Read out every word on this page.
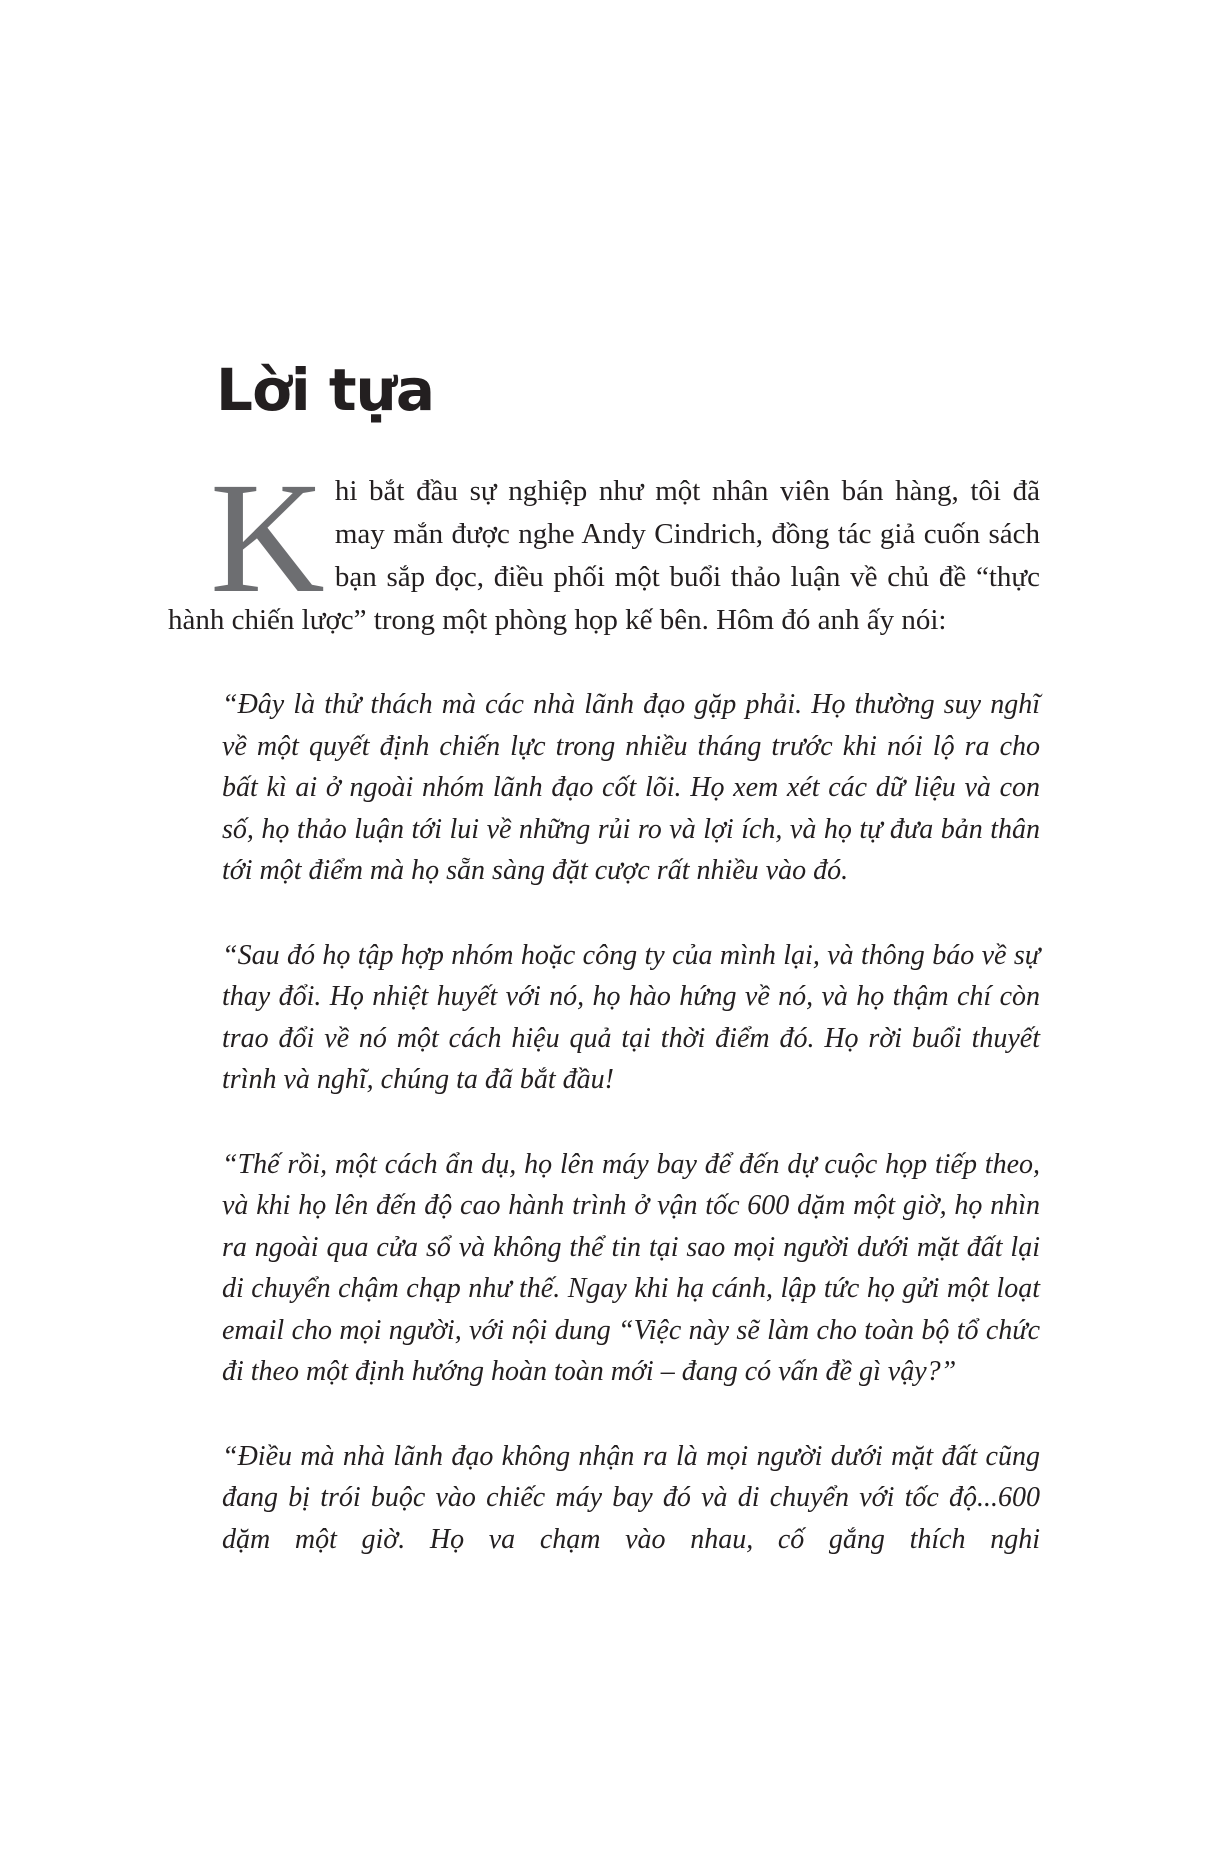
Lời tựa

Khi bắt đầu sự nghiệp như một nhân viên bán hàng, tôi đã may mắn được nghe Andy Cindrich, đồng tác giả cuốn sách bạn sắp đọc, điều phối một buổi thảo luận về chủ đề “thực hành chiến lược” trong một phòng họp kế bên. Hôm đó anh ấy nói:

“Đây là thử thách mà các nhà lãnh đạo gặp phải. Họ thường suy nghĩ về một quyết định chiến lực trong nhiều tháng trước khi nói lộ ra cho bất kì ai ở ngoài nhóm lãnh đạo cốt lõi. Họ xem xét các dữ liệu và con số, họ thảo luận tới lui về những rủi ro và lợi ích, và họ tự đưa bản thân tới một điểm mà họ sẵn sàng đặt cược rất nhiều vào đó.

“Sau đó họ tập hợp nhóm hoặc công ty của mình lại, và thông báo về sự thay đổi. Họ nhiệt huyết với nó, họ hào hứng về nó, và họ thậm chí còn trao đổi về nó một cách hiệu quả tại thời điểm đó. Họ rời buổi thuyết trình và nghĩ, chúng ta đã bắt đầu!

“Thế rồi, một cách ẩn dụ, họ lên máy bay để đến dự cuộc họp tiếp theo, và khi họ lên đến độ cao hành trình ở vận tốc 600 dặm một giờ, họ nhìn ra ngoài qua cửa sổ và không thể tin tại sao mọi người dưới mặt đất lại di chuyển chậm chạp như thế. Ngay khi hạ cánh, lập tức họ gửi một loạt email cho mọi người, với nội dung “Việc này sẽ làm cho toàn bộ tổ chức đi theo một định hướng hoàn toàn mới – đang có vấn đề gì vậy?”

“Điều mà nhà lãnh đạo không nhận ra là mọi người dưới mặt đất cũng đang bị trói buộc vào chiếc máy bay đó và di chuyển với tốc độ...600 dặm một giờ. Họ va chạm vào nhau, cố gắng thích nghi
